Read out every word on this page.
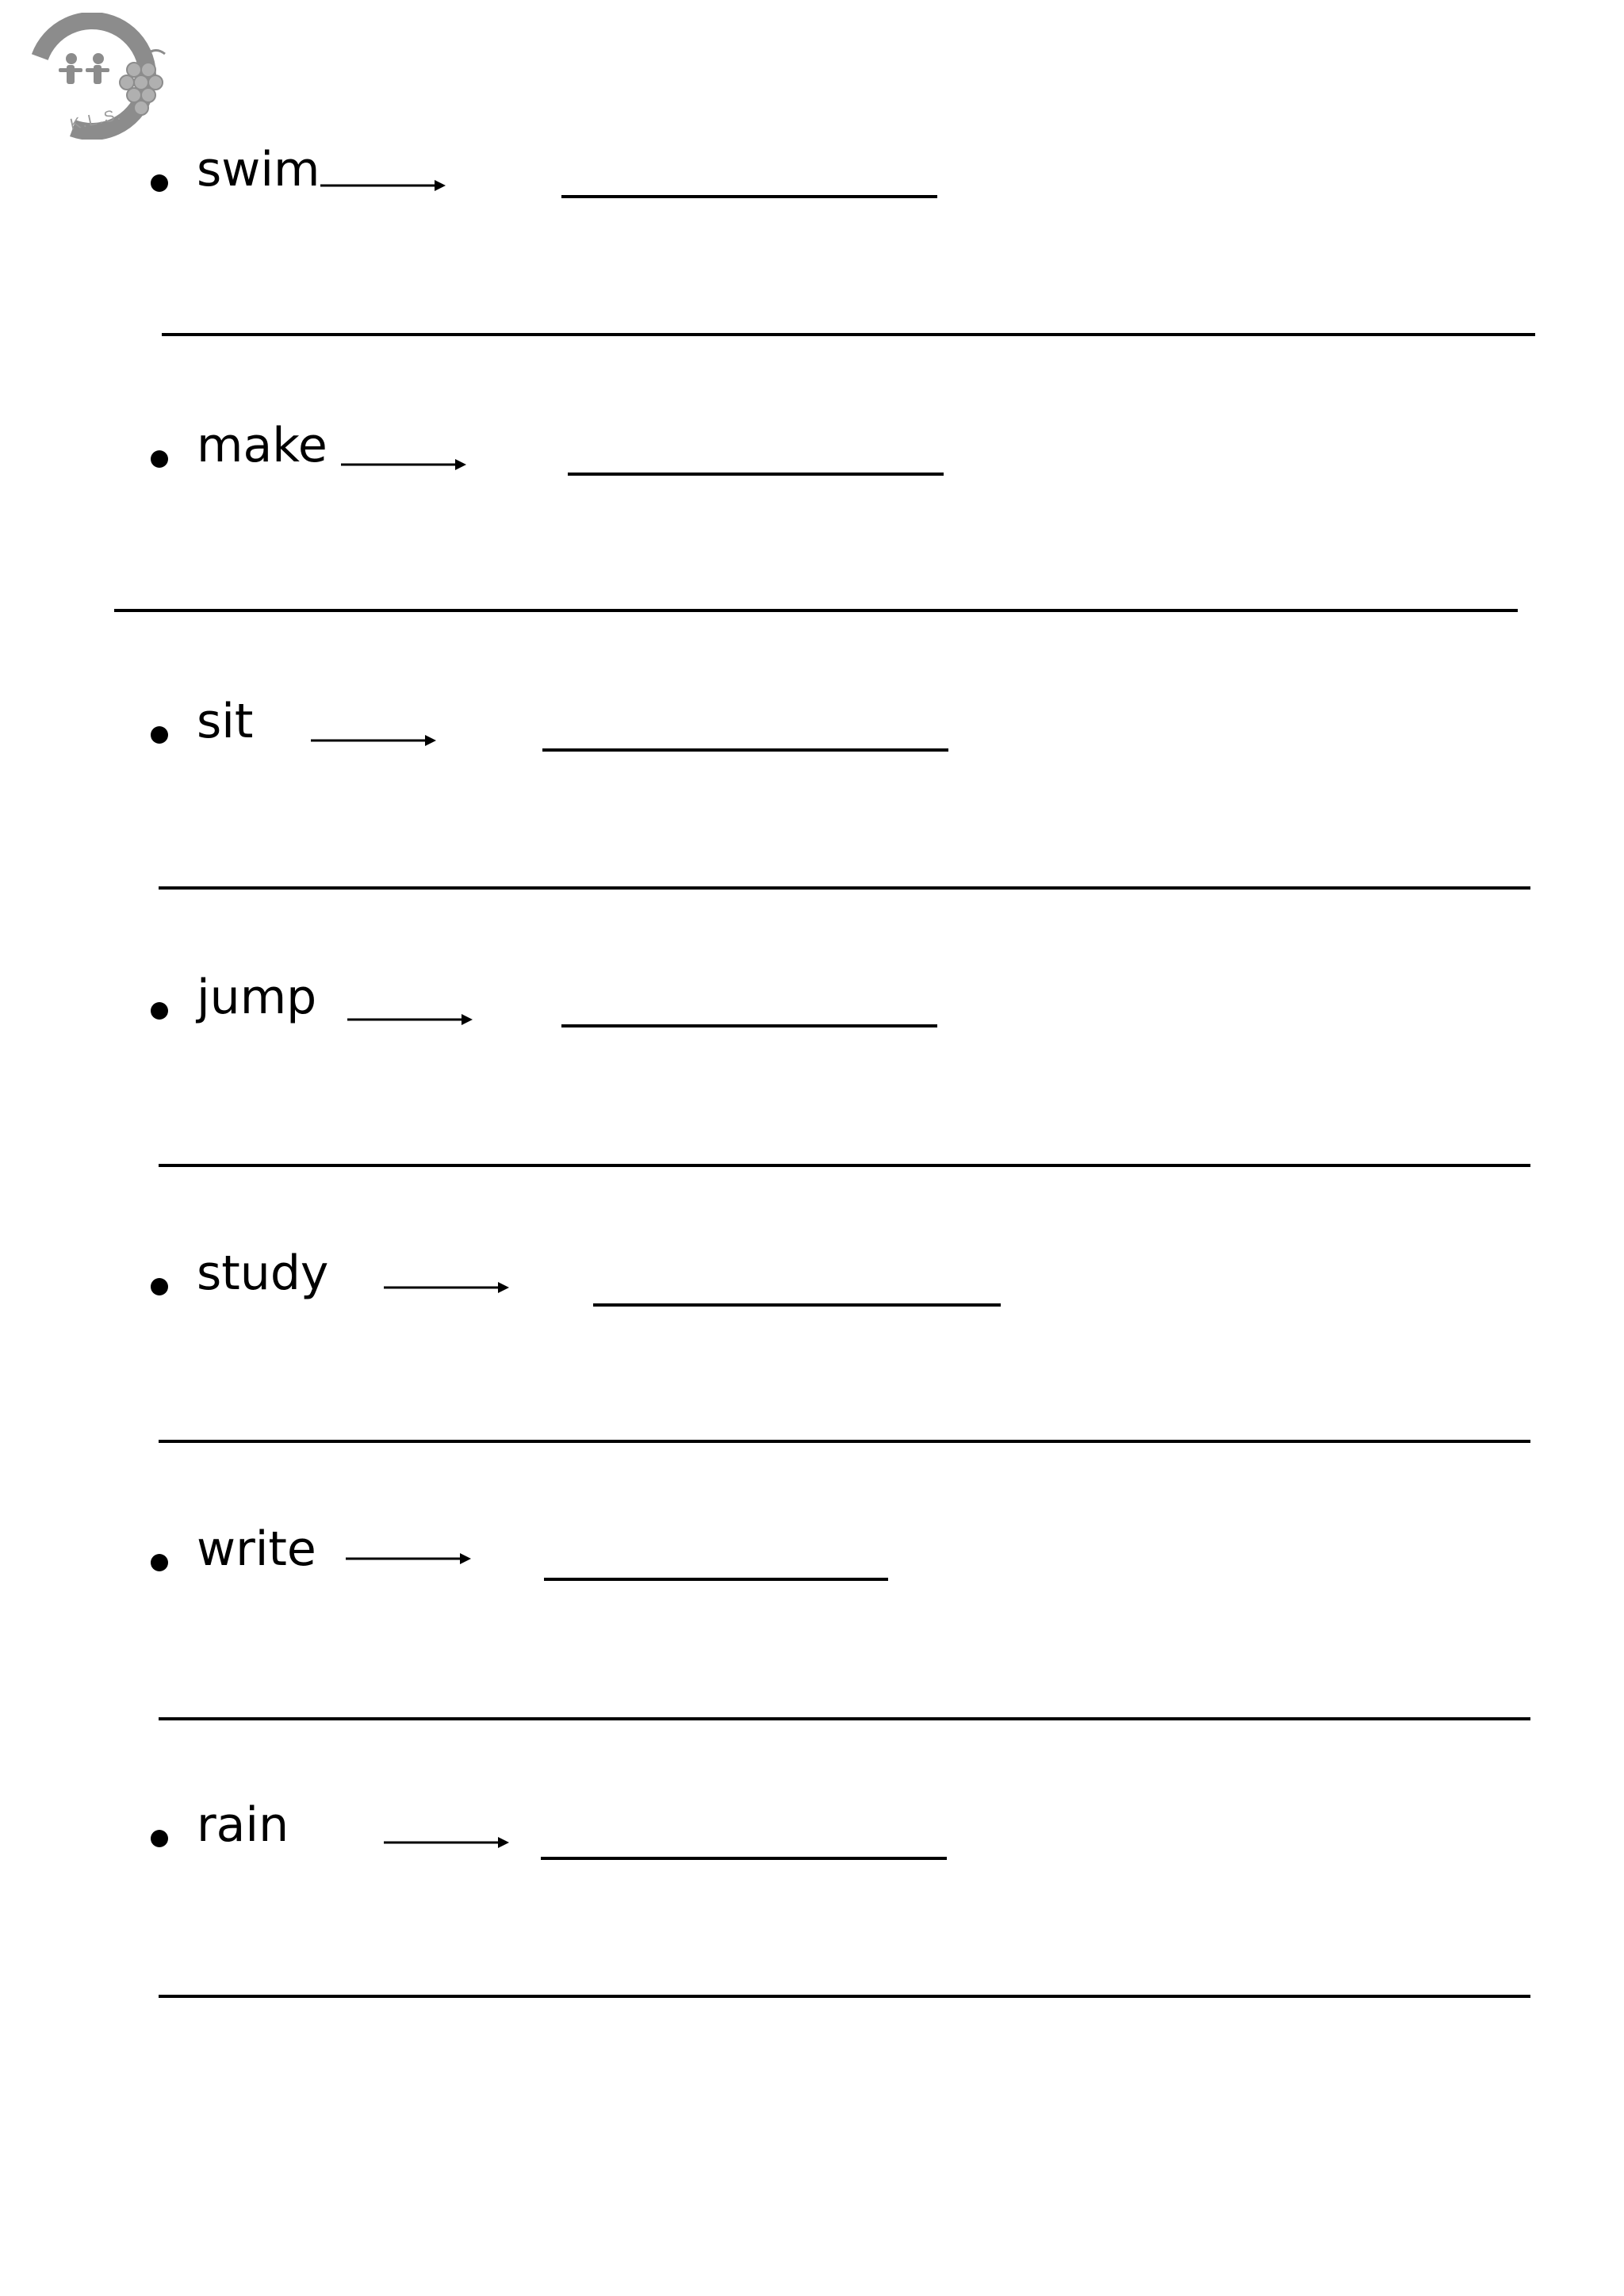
K.L.S.
swim
make
sit
jump
study
write
rain
